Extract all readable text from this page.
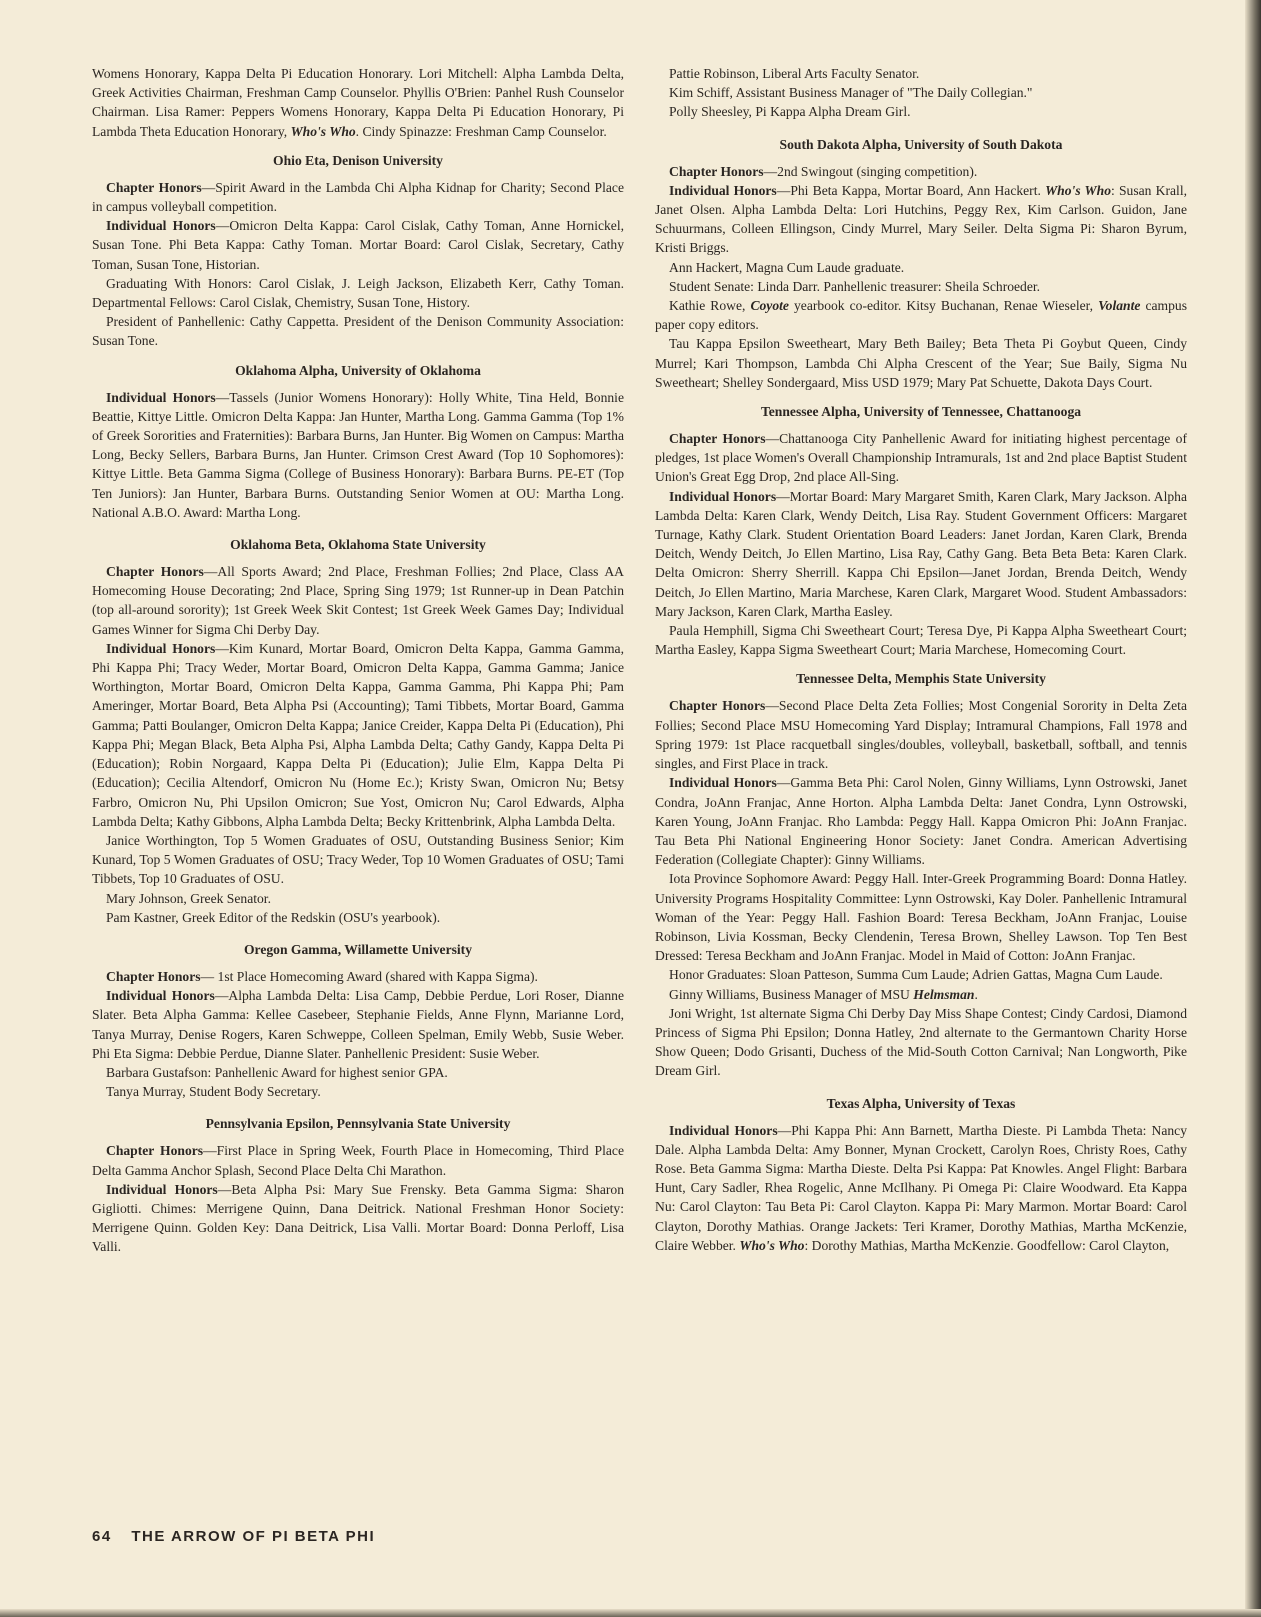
Womens Honorary, Kappa Delta Pi Education Honorary. Lori Mitchell: Alpha Lambda Delta, Greek Activities Chairman, Freshman Camp Counselor. Phyllis O'Brien: Panhel Rush Counselor Chairman. Lisa Ramer: Peppers Womens Honorary, Kappa Delta Pi Education Honorary, Pi Lambda Theta Education Honorary, Who's Who. Cindy Spinazze: Freshman Camp Counselor.

Ohio Eta, Denison University

Chapter Honors—Spirit Award in the Lambda Chi Alpha Kidnap for Charity; Second Place in campus volleyball competition.

Individual Honors—Omicron Delta Kappa: Carol Cislak, Cathy Toman, Anne Hornickel, Susan Tone. Phi Beta Kappa: Cathy Toman. Mortar Board: Carol Cislak, Secretary, Cathy Toman, Susan Tone, Historian.

Graduating With Honors: Carol Cislak, J. Leigh Jackson, Elizabeth Kerr, Cathy Toman. Departmental Fellows: Carol Cislak, Chemistry, Susan Tone, History.

President of Panhellenic: Cathy Cappetta. President of the Denison Community Association: Susan Tone.

Oklahoma Alpha, University of Oklahoma

Individual Honors—Tassels (Junior Womens Honorary): Holly White, Tina Held, Bonnie Beattie, Kittye Little. Omicron Delta Kappa: Jan Hunter, Martha Long. Gamma Gamma (Top 1% of Greek Sororities and Fraternities): Barbara Burns, Jan Hunter. Big Women on Campus: Martha Long, Becky Sellers, Barbara Burns, Jan Hunter. Crimson Crest Award (Top 10 Sophomores): Kittye Little. Beta Gamma Sigma (College of Business Honorary): Barbara Burns. PE-ET (Top Ten Juniors): Jan Hunter, Barbara Burns. Outstanding Senior Women at OU: Martha Long. National A.B.O. Award: Martha Long.

Oklahoma Beta, Oklahoma State University

Chapter Honors—All Sports Award; 2nd Place, Freshman Follies; 2nd Place, Class AA Homecoming House Decorating; 2nd Place, Spring Sing 1979; 1st Runner-up in Dean Patchin (top all-around sorority); 1st Greek Week Skit Contest; 1st Greek Week Games Day; Individual Games Winner for Sigma Chi Derby Day.

Individual Honors—Kim Kunard, Mortar Board, Omicron Delta Kappa, Gamma Gamma, Phi Kappa Phi; Tracy Weder, Mortar Board, Omicron Delta Kappa, Gamma Gamma; Janice Worthington, Mortar Board, Omicron Delta Kappa, Gamma Gamma, Phi Kappa Phi; Pam Ameringer, Mortar Board, Beta Alpha Psi (Accounting); Tami Tibbets, Mortar Board, Gamma Gamma; Patti Boulanger, Omicron Delta Kappa; Janice Creider, Kappa Delta Pi (Education), Phi Kappa Phi; Megan Black, Beta Alpha Psi, Alpha Lambda Delta; Cathy Gandy, Kappa Delta Pi (Education); Robin Norgaard, Kappa Delta Pi (Education); Julie Elm, Kappa Delta Pi (Education); Cecilia Altendorf, Omicron Nu (Home Ec.); Kristy Swan, Omicron Nu; Betsy Farbro, Omicron Nu, Phi Upsilon Omicron; Sue Yost, Omicron Nu; Carol Edwards, Alpha Lambda Delta; Kathy Gibbons, Alpha Lambda Delta; Becky Krittenbrink, Alpha Lambda Delta.

Janice Worthington, Top 5 Women Graduates of OSU, Outstanding Business Senior; Kim Kunard, Top 5 Women Graduates of OSU; Tracy Weder, Top 10 Women Graduates of OSU; Tami Tibbets, Top 10 Graduates of OSU.

Mary Johnson, Greek Senator.

Pam Kastner, Greek Editor of the Redskin (OSU's yearbook).

Oregon Gamma, Willamette University

Chapter Honors— 1st Place Homecoming Award (shared with Kappa Sigma).

Individual Honors—Alpha Lambda Delta: Lisa Camp, Debbie Perdue, Lori Roser, Dianne Slater. Beta Alpha Gamma: Kellee Casebeer, Stephanie Fields, Anne Flynn, Marianne Lord, Tanya Murray, Denise Rogers, Karen Schweppe, Colleen Spelman, Emily Webb, Susie Weber. Phi Eta Sigma: Debbie Perdue, Dianne Slater. Panhellenic President: Susie Weber.

Barbara Gustafson: Panhellenic Award for highest senior GPA.

Tanya Murray, Student Body Secretary.

Pennsylvania Epsilon, Pennsylvania State University

Chapter Honors—First Place in Spring Week, Fourth Place in Homecoming, Third Place Delta Gamma Anchor Splash, Second Place Delta Chi Marathon.

Individual Honors—Beta Alpha Psi: Mary Sue Frensky. Beta Gamma Sigma: Sharon Gigliotti. Chimes: Merrigene Quinn, Dana Deitrick. National Freshman Honor Society: Merrigene Quinn. Golden Key: Dana Deitrick, Lisa Valli. Mortar Board: Donna Perloff, Lisa Valli.

Pattie Robinson, Liberal Arts Faculty Senator.

Kim Schiff, Assistant Business Manager of "The Daily Collegian."

Polly Sheesley, Pi Kappa Alpha Dream Girl.

South Dakota Alpha, University of South Dakota

Chapter Honors—2nd Swingout (singing competition).

Individual Honors—Phi Beta Kappa, Mortar Board, Ann Hackert. Who's Who: Susan Krall, Janet Olsen. Alpha Lambda Delta: Lori Hutchins, Peggy Rex, Kim Carlson. Guidon, Jane Schuurmans, Colleen Ellingson, Cindy Murrel, Mary Seiler. Delta Sigma Pi: Sharon Byrum, Kristi Briggs.

Ann Hackert, Magna Cum Laude graduate.

Student Senate: Linda Darr. Panhellenic treasurer: Sheila Schroeder.

Kathie Rowe, Coyote yearbook co-editor. Kitsy Buchanan, Renae Wieseler, Volante campus paper copy editors.

Tau Kappa Epsilon Sweetheart, Mary Beth Bailey; Beta Theta Pi Goybut Queen, Cindy Murrel; Kari Thompson, Lambda Chi Alpha Crescent of the Year; Sue Baily, Sigma Nu Sweetheart; Shelley Sondergaard, Miss USD 1979; Mary Pat Schuette, Dakota Days Court.

Tennessee Alpha, University of Tennessee, Chattanooga

Chapter Honors—Chattanooga City Panhellenic Award for initiating highest percentage of pledges, 1st place Women's Overall Championship Intramurals, 1st and 2nd place Baptist Student Union's Great Egg Drop, 2nd place All-Sing.

Individual Honors—Mortar Board: Mary Margaret Smith, Karen Clark, Mary Jackson. Alpha Lambda Delta: Karen Clark, Wendy Deitch, Lisa Ray. Student Government Officers: Margaret Turnage, Kathy Clark. Student Orientation Board Leaders: Janet Jordan, Karen Clark, Brenda Deitch, Wendy Deitch, Jo Ellen Martino, Lisa Ray, Cathy Gang. Beta Beta Beta: Karen Clark. Delta Omicron: Sherry Sherrill. Kappa Chi Epsilon—Janet Jordan, Brenda Deitch, Wendy Deitch, Jo Ellen Martino, Maria Marchese, Karen Clark, Margaret Wood. Student Ambassadors: Mary Jackson, Karen Clark, Martha Easley.

Paula Hemphill, Sigma Chi Sweetheart Court; Teresa Dye, Pi Kappa Alpha Sweetheart Court; Martha Easley, Kappa Sigma Sweetheart Court; Maria Marchese, Homecoming Court.

Tennessee Delta, Memphis State University

Chapter Honors—Second Place Delta Zeta Follies; Most Congenial Sorority in Delta Zeta Follies; Second Place MSU Homecoming Yard Display; Intramural Champions, Fall 1978 and Spring 1979: 1st Place racquetball singles/doubles, volleyball, basketball, softball, and tennis singles, and First Place in track.

Individual Honors—Gamma Beta Phi: Carol Nolen, Ginny Williams, Lynn Ostrowski, Janet Condra, JoAnn Franjac, Anne Horton. Alpha Lambda Delta: Janet Condra, Lynn Ostrowski, Karen Young, JoAnn Franjac. Rho Lambda: Peggy Hall. Kappa Omicron Phi: JoAnn Franjac. Tau Beta Phi National Engineering Honor Society: Janet Condra. American Advertising Federation (Collegiate Chapter): Ginny Williams.

Iota Province Sophomore Award: Peggy Hall. Inter-Greek Programming Board: Donna Hatley. University Programs Hospitality Committee: Lynn Ostrowski, Kay Doler. Panhellenic Intramural Woman of the Year: Peggy Hall. Fashion Board: Teresa Beckham, JoAnn Franjac, Louise Robinson, Livia Kossman, Becky Clendenin, Teresa Brown, Shelley Lawson. Top Ten Best Dressed: Teresa Beckham and JoAnn Franjac. Model in Maid of Cotton: JoAnn Franjac.

Honor Graduates: Sloan Patteson, Summa Cum Laude; Adrien Gattas, Magna Cum Laude.

Ginny Williams, Business Manager of MSU Helmsman.

Joni Wright, 1st alternate Sigma Chi Derby Day Miss Shape Contest; Cindy Cardosi, Diamond Princess of Sigma Phi Epsilon; Donna Hatley, 2nd alternate to the Germantown Charity Horse Show Queen; Dodo Grisanti, Duchess of the Mid-South Cotton Carnival; Nan Longworth, Pike Dream Girl.

Texas Alpha, University of Texas

Individual Honors—Phi Kappa Phi: Ann Barnett, Martha Dieste. Pi Lambda Theta: Nancy Dale. Alpha Lambda Delta: Amy Bonner, Mynan Crockett, Carolyn Roes, Christy Roes, Cathy Rose. Beta Gamma Sigma: Martha Dieste. Delta Psi Kappa: Pat Knowles. Angel Flight: Barbara Hunt, Cary Sadler, Rhea Rogelic, Anne McIlhany. Pi Omega Pi: Claire Woodward. Eta Kappa Nu: Carol Clayton: Tau Beta Pi: Carol Clayton. Kappa Pi: Mary Marmon. Mortar Board: Carol Clayton, Dorothy Mathias. Orange Jackets: Teri Kramer, Dorothy Mathias, Martha McKenzie, Claire Webber. Who's Who: Dorothy Mathias, Martha McKenzie. Goodfellow: Carol Clayton,

64 THE ARROW OF PI BETA PHI
